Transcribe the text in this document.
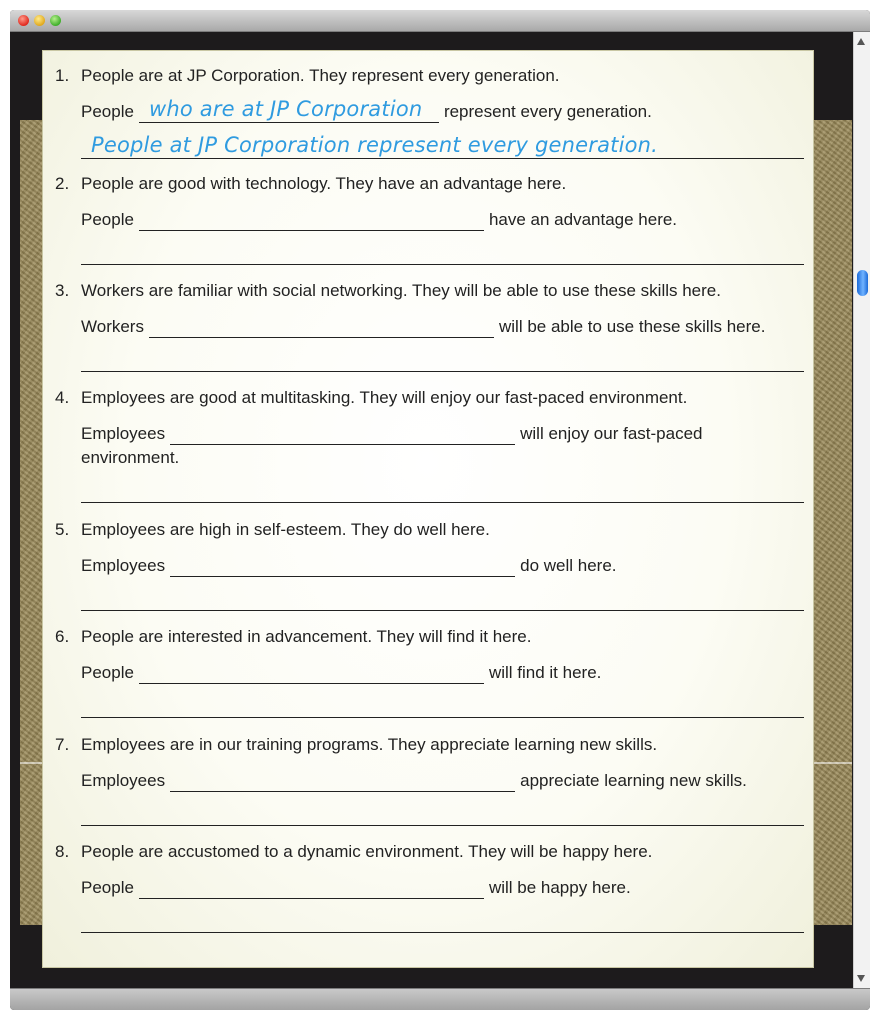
1. People are at JP Corporation. They represent every generation.
People who are at JP Corporation represent every generation.
People at JP Corporation represent every generation.
2. People are good with technology. They have an advantage here.
People	have an advantage here.
3. Workers are familiar with social networking. They will be able to use these skills here.
Workers	will be able to use these skills here.
4. Employees are good at multitasking. They will enjoy our fast-paced environment.
Employees	will enjoy our fast-paced
environment.
5. Employees are high in self-esteem. They do well here.
Employees	do well here.
6. People are interested in advancement. They will find it here.
People	will find it here.
7. Employees are in our training programs. They appreciate learning new skills.
Employees	appreciate learning new skills.
8. People are accustomed to a dynamic environment. They will be happy here.
People	will be happy here.
